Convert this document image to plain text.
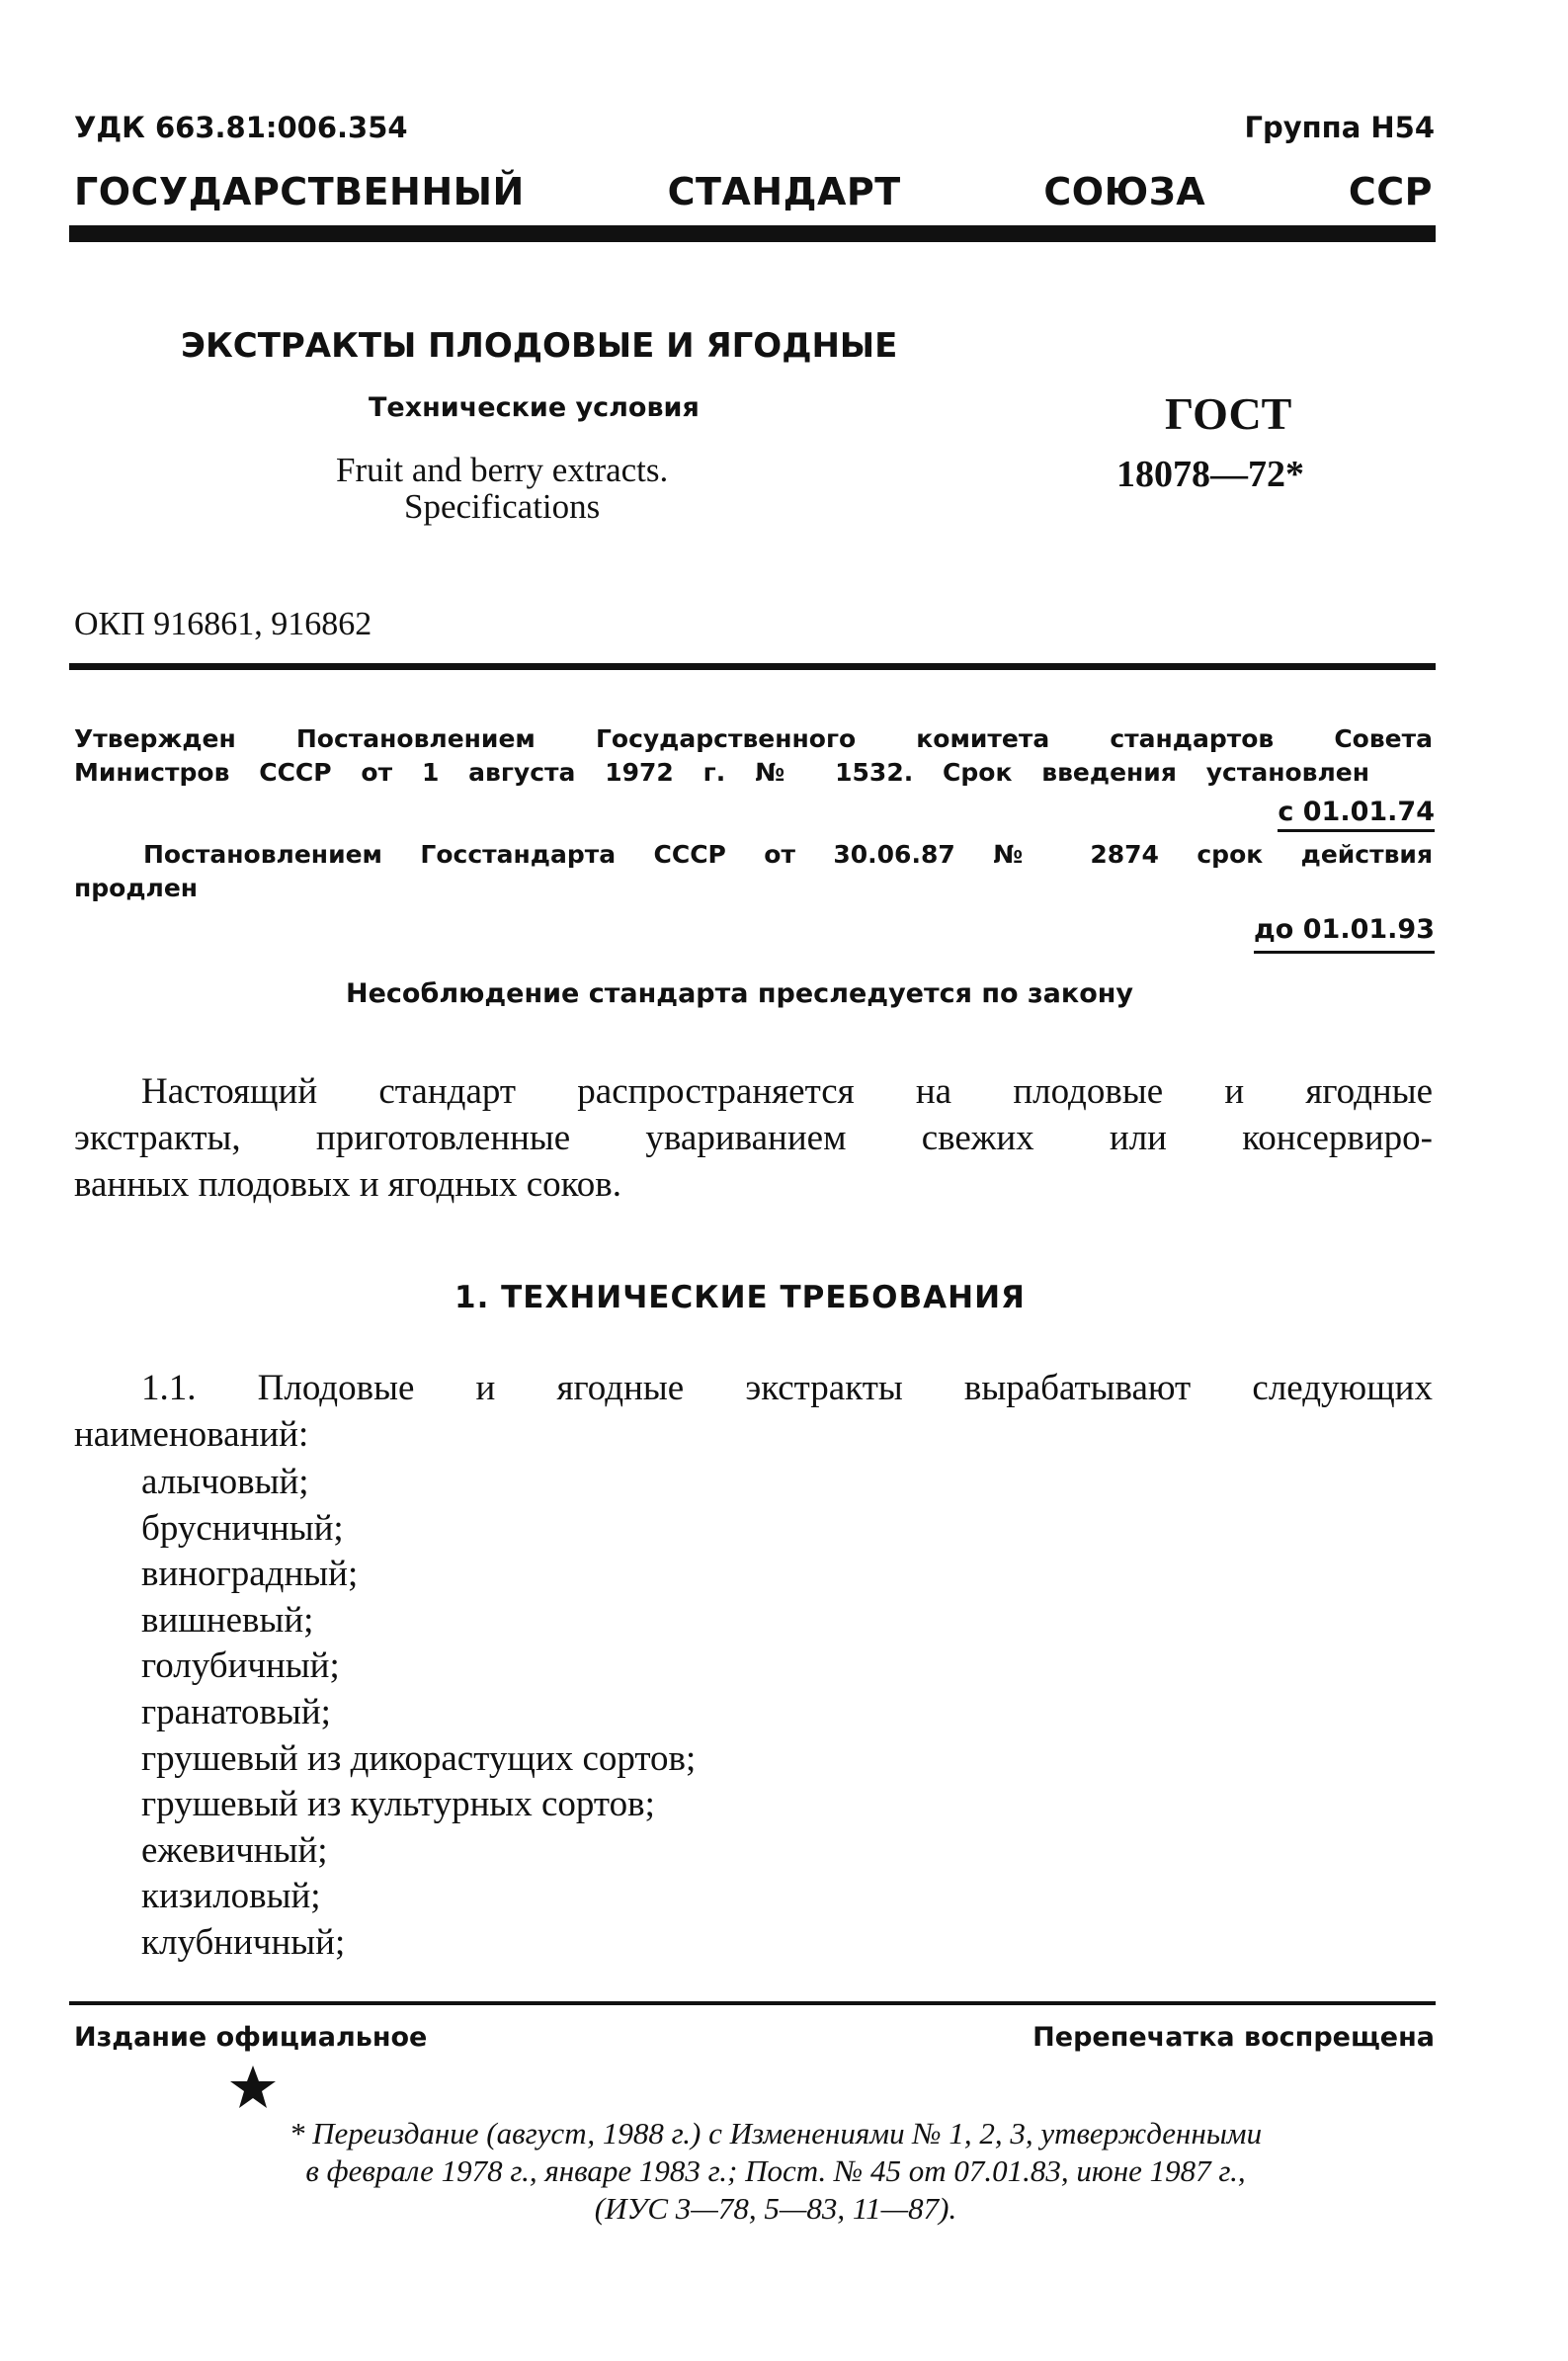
УДК 663.81:006.354	Группа Н54
ГОСУДАРСТВЕННЫЙ СТАНДАРТ СОЮЗА ССР
ЭКСТРАКТЫ ПЛОДОВЫЕ И ЯГОДНЫЕ
Технические условия
Fruit and berry extracts.
Specifications
ГОСТ
18078—72*
ОКП 916861, 916862
Утвержден Постановлением Государственного комитета стандартов Совета
Министров СССР от 1 августа 1972 г. № 1532. Срок введения установлен
с 01.01.74
Постановлением Госстандарта СССР от 30.06.87 № 2874 срок действия
продлен
до 01.01.93
Несоблюдение стандарта преследуется по закону
Настоящий стандарт распространяется на плодовые и ягодные
экстракты, приготовленные увариванием свежих или консервиро-
ванных плодовых и ягодных соков.
1. ТЕХНИЧЕСКИЕ ТРЕБОВАНИЯ
1.1. Плодовые и ягодные экстракты вырабатывают следующих
наименований:
алычовый;
брусничный;
виноградный;
вишневый;
голубичный;
гранатовый;
грушевый из дикорастущих сортов;
грушевый из культурных сортов;
ежевичный;
кизиловый;
клубничный;
Издание официальное	Перепечатка воспрещена
* Переиздание (август, 1988 г.) с Изменениями № 1, 2, 3, утвержденными
в феврале 1978 г., январе 1983 г.; Пост. № 45 от 07.01.83, июне 1987 г.,
(ИУС 3—78, 5—83, 11—87).
